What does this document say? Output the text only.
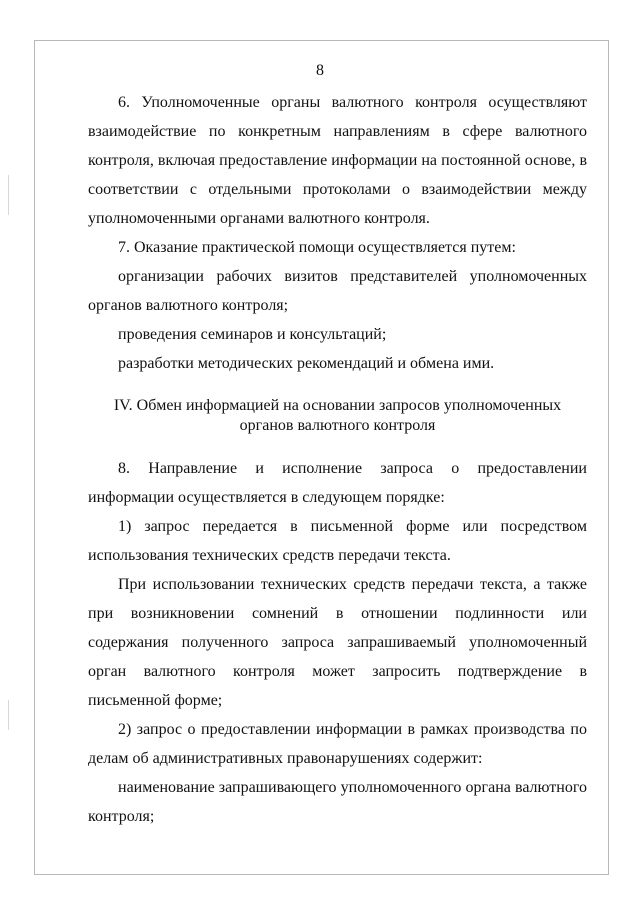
8

6. Уполномоченные органы валютного контроля осуществляют взаимодействие по конкретным направлениям в сфере валютного контроля, включая предоставление информации на постоянной основе, в соответствии с отдельными протоколами о взаимодействии между уполномоченными органами валютного контроля.

7. Оказание практической помощи осуществляется путем:

организации рабочих визитов представителей уполномоченных органов валютного контроля;

проведения семинаров и консультаций;

разработки методических рекомендаций и обмена ими.

IV. Обмен информацией на основании запросов уполномоченных
органов валютного контроля

8. Направление и исполнение запроса о предоставлении информации осуществляется в следующем порядке:

1) запрос передается в письменной форме или посредством использования технических средств передачи текста.

При использовании технических средств передачи текста, а также при возникновении сомнений в отношении подлинности или содержания полученного запроса запрашиваемый уполномоченный орган валютного контроля может запросить подтверждение в письменной форме;

2) запрос о предоставлении информации в рамках производства по делам об административных правонарушениях содержит:

наименование запрашивающего уполномоченного органа валютного контроля;
